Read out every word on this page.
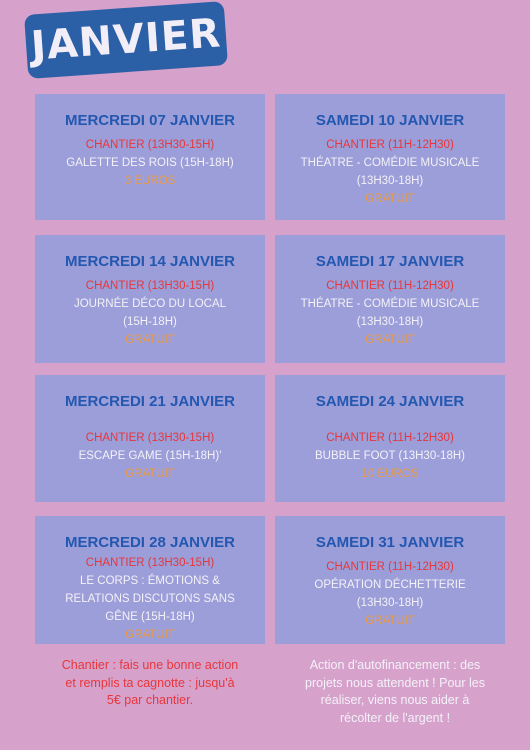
JANVIER
MERCREDI 07 JANVIER
CHANTIER (13H30-15H)
GALETTE DES ROIS (15H-18H)
3 EUROS
SAMEDI 10 JANVIER
CHANTIER (11H-12H30)
THÉATRE - COMÉDIE MUSICALE
(13H30-18H)
GRATUIT
MERCREDI 14 JANVIER
CHANTIER (13H30-15H)
JOURNÉE DÉCO DU LOCAL
(15H-18H)
GRATUIT
SAMEDI 17 JANVIER
CHANTIER (11H-12H30)
THÉATRE - COMÉDIE MUSICALE
(13H30-18H)
GRATUIT
MERCREDI 21 JANVIER
CHANTIER (13H30-15H)
ESCAPE GAME (15H-18H)'
GRATUIT
SAMEDI 24 JANVIER
CHANTIER (11H-12H30)
BUBBLE FOOT (13H30-18H)
10 EUROS
MERCREDI 28 JANVIER
CHANTIER (13H30-15H)
LE CORPS : ÉMOTIONS &
RELATIONS DISCUTONS SANS
GÊNE (15H-18H)
GRATUIT
SAMEDI 31 JANVIER
CHANTIER (11H-12H30)
OPÉRATION DÉCHETTERIE
(13H30-18H)
GRATUIT
Chantier : fais une bonne action
et remplis ta cagnotte : jusqu'à
5€ par chantier.
Action d'autofinancement : des
projets nous attendent ! Pour les
réaliser, viens nous aider à
récolter de l'argent !
